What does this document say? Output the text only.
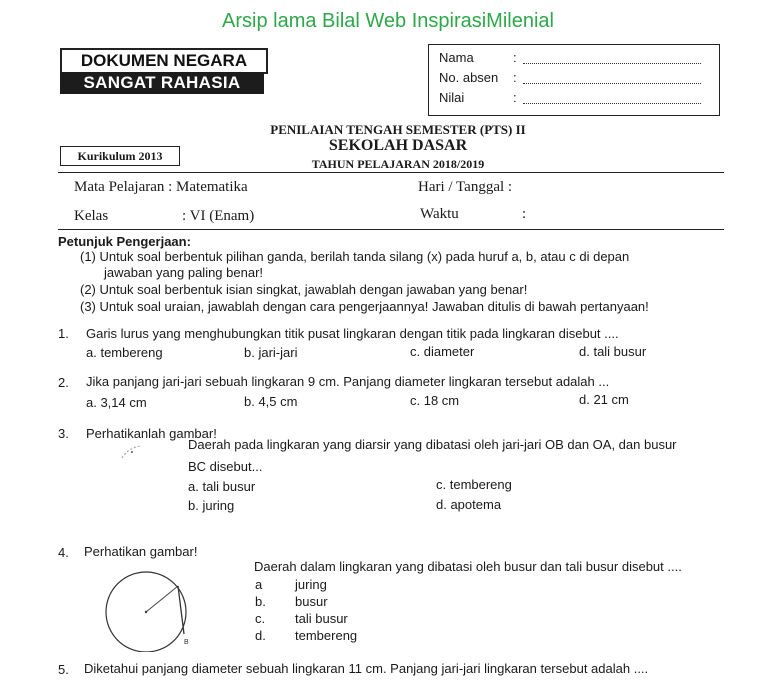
Arsip lama Bilal Web InspirasiMilenial
DOKUMEN NEGARA
SANGAT RAHASIA
Nama	:
No. absen :
Nilai	:
PENILAIAN TENGAH SEMESTER (PTS) II
SEKOLAH DASAR
TAHUN PELAJARAN 2018/2019
Kurikulum 2013
Mata Pelajaran : Matematika	Hari / Tanggal :
Kelas	: VI (Enam)	Waktu	:
Petunjuk Pengerjaan:
(1) Untuk soal berbentuk pilihan ganda, berilah tanda silang (x) pada huruf a, b, atau c di depan
jawaban yang paling benar!
(2) Untuk soal berbentuk isian singkat, jawablah dengan jawaban yang benar!
(3) Untuk soal uraian, jawablah dengan cara pengerjaannya! Jawaban ditulis di bawah pertanyaan!
1. Garis lurus yang menghubungkan titik pusat lingkaran dengan titik pada lingkaran disebut ....
a. tembereng	b. jari-jari	c. diameter	d. tali busur
2. Jika panjang jari-jari sebuah lingkaran 9 cm. Panjang diameter lingkaran tersebut adalah ...
a. 3,14 cm	b. 4,5 cm	c. 18 cm	d. 21 cm
3. Perhatikanlah gambar!
Daerah pada lingkaran yang diarsir yang dibatasi oleh jari-jari OB dan OA, dan busur
BC disebut...
a. tali busur
b. juring
c. tembereng
d. apotema
4. Perhatikan gambar!
Daerah dalam lingkaran yang dibatasi oleh busur dan tali busur disebut ....
a	juring
b. busur
c. tali busur
d. tembereng
B
5. Diketahui panjang diameter sebuah lingkaran 11 cm. Panjang jari-jari lingkaran tersebut adalah ....
